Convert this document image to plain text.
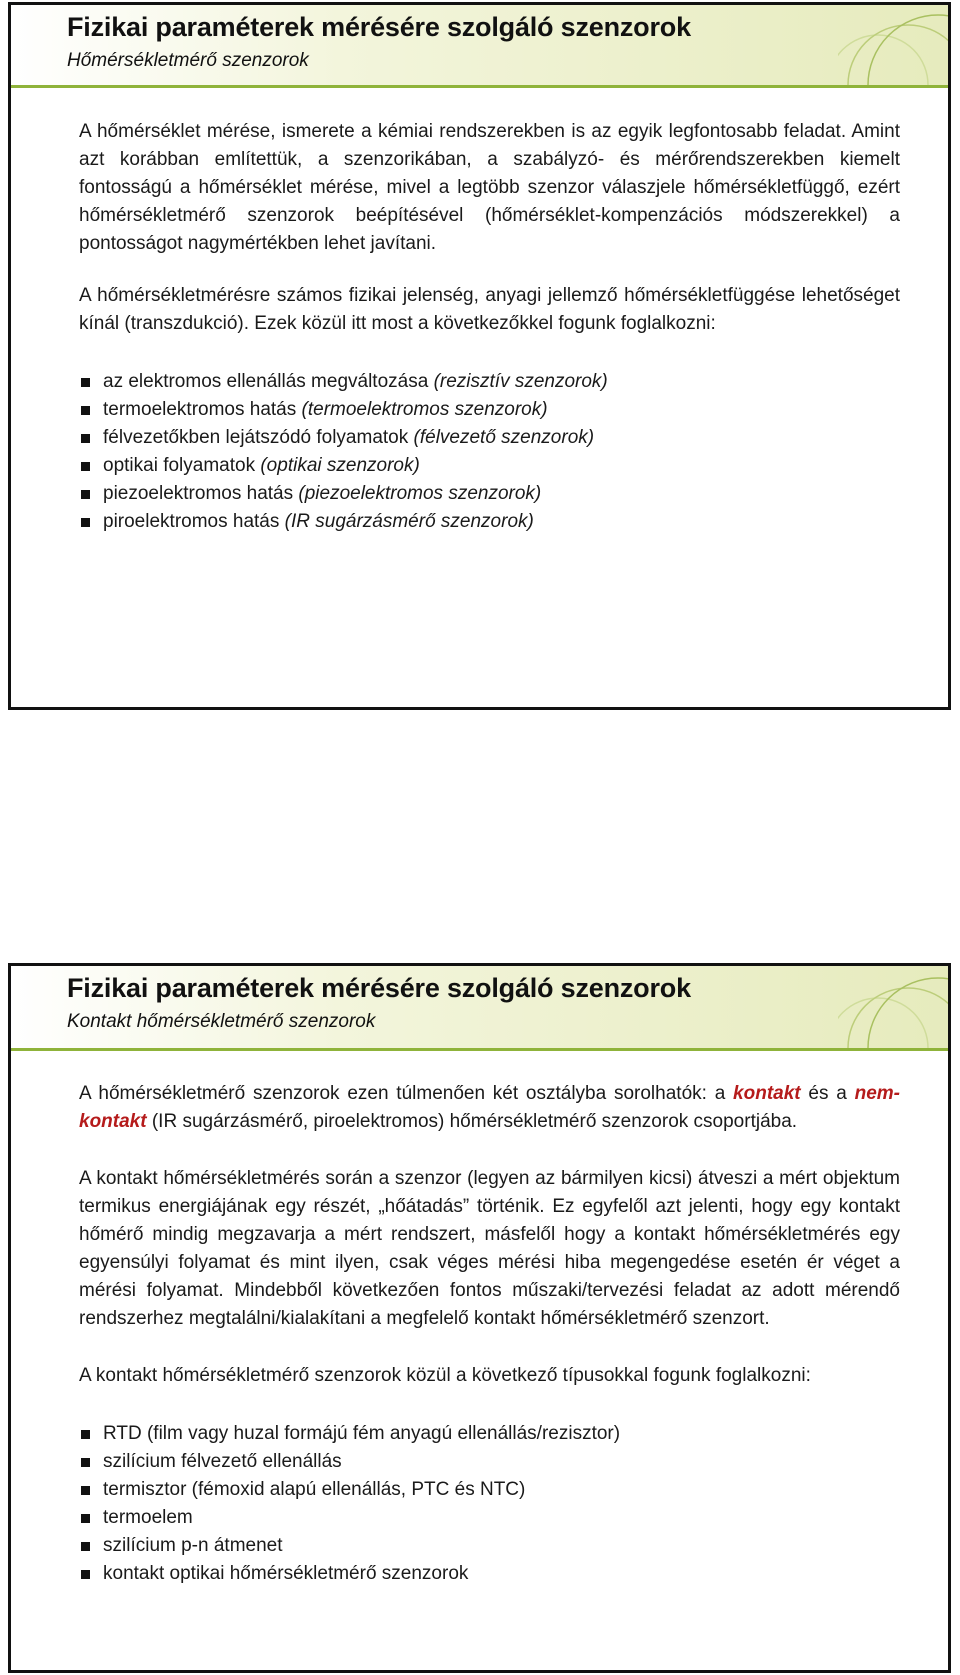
Fizikai paraméterek mérésére szolgáló szenzorok
Hőmérsékletmérő szenzorok

A hőmérséklet mérése, ismerete a kémiai rendszerekben is az egyik legfontosabb feladat. Amint azt korábban említettük, a szenzorikában, a szabályzó- és mérőrendszerekben kiemelt fontosságú a hőmérséklet mérése, mivel a legtöbb szenzor válaszjele hőmérsékletfüggő, ezért hőmérsékletmérő szenzorok beépítésével (hőmérséklet-kompenzációs módszerekkel) a pontosságot nagymértékben lehet javítani.

A hőmérsékletmérésre számos fizikai jelenség, anyagi jellemző hőmérsékletfüggése lehetőséget kínál (transzdukció). Ezek közül itt most a következőkkel fogunk foglalkozni:

az elektromos ellenállás megváltozása (rezisztív szenzorok)
termoelektromos hatás (termoelektromos szenzorok)
félvezetőkben lejátszódó folyamatok (félvezető szenzorok)
optikai folyamatok (optikai szenzorok)
piezoelektromos hatás (piezoelektromos szenzorok)
piroelektromos hatás (IR sugárzásmérő szenzorok)
Fizikai paraméterek mérésére szolgáló szenzorok
Kontakt hőmérsékletmérő szenzorok

A hőmérsékletmérő szenzorok ezen túlmenően két osztályba sorolhatók: a kontakt és a nem-kontakt (IR sugárzásmérő, piroelektromos) hőmérsékletmérő szenzorok csoportjába.

A kontakt hőmérsékletmérés során a szenzor (legyen az bármilyen kicsi) átveszi a mért objektum termikus energiájának egy részét, „hőátadás” történik. Ez egyfelől azt jelenti, hogy egy kontakt hőmérő mindig megzavarja a mért rendszert, másfelől hogy a kontakt hőmérsékletmérés egy egyensúlyi folyamat és mint ilyen, csak véges mérési hiba megengedése esetén ér véget a mérési folyamat. Mindebből következően fontos műszaki/tervezési feladat az adott mérendő rendszerhez megtalálni/kialakítani a megfelelő kontakt hőmérsékletmérő szenzort.

A kontakt hőmérsékletmérő szenzorok közül a következő típusokkal fogunk foglalkozni:

RTD (film vagy huzal formájú fém anyagú ellenállás/rezisztor)
szilícium félvezető ellenállás
termisztor (fémoxid alapú ellenállás, PTC és NTC)
termoelem
szilícium p-n átmenet
kontakt optikai hőmérsékletmérő szenzorok
